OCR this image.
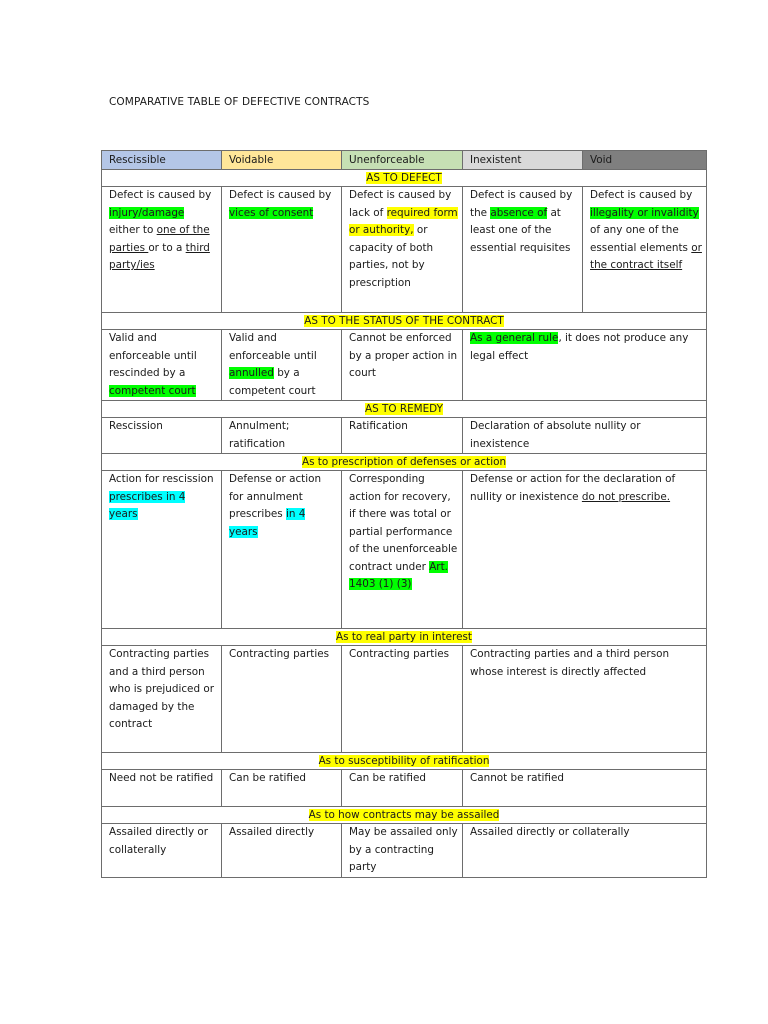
COMPARATIVE TABLE OF DEFECTIVE CONTRACTS
Rescissible	Voidable	Unenforceable	Inexistent	Void
AS TO DEFECT				
Defect is caused by injury/damage either to one of the parties or to a third party/ies	Defect is caused by vices of consent	Defect is caused by lack of required form or authority, or capacity of both parties, not by prescription	Defect is caused by the absence of at least one of the essential requisites	Defect is caused by illegality or invalidity of any one of the essential elements or the contract itself
AS TO THE STATUS OF THE CONTRACT				
Valid and enforceable until rescinded by a competent court	Valid and enforceable until annulled by a competent court	Cannot be enforced by a proper action in court	As a general rule, it does not produce any legal effect	
AS TO REMEDY				
Rescission	Annulment; ratification	Ratification	Declaration of absolute nullity or inexistence	
As to prescription of defenses or action				
Action for rescission prescribes in 4 years	Defense or action for annulment prescribes in 4 years	Corresponding action for recovery, if there was total or partial performance of the unenforceable contract under Art. 1403 (1) (3)	Defense or action for the declaration of nullity or inexistence do not prescribe.	
As to real party in interest				
Contracting parties and a third person who is prejudiced or damaged by the contract	Contracting parties	Contracting parties	Contracting parties and a third person whose interest is directly affected	
As to susceptibility of ratification				
Need not be ratified	Can be ratified	Can be ratified	Cannot be ratified	
As to how contracts may be assailed				
Assailed directly or collaterally	Assailed directly	May be assailed only by a contracting party	Assailed directly or collaterally	
